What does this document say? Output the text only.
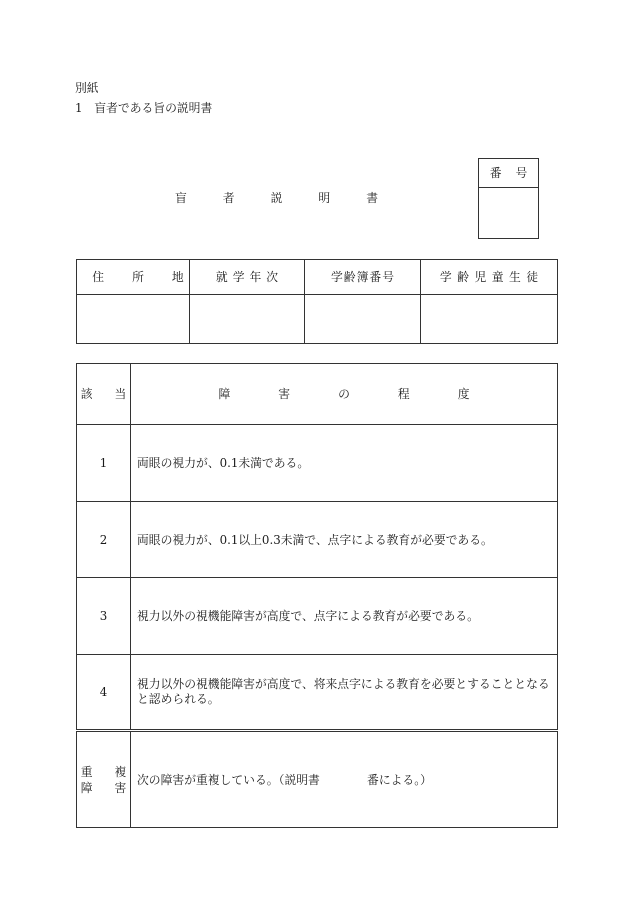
別紙
1　盲者である旨の説明書
番号
盲者説明書
住所地	就学年次	学齢簿番号	学齢児童生徒

該当	障害の程度
1	両眼の視力が、0.1未満である。
2	両眼の視力が、0.1以上0.3未満で、点字による教育が必要である。
3	視力以外の視機能障害が高度で、点字による教育が必要である。
4	視力以外の視機能障害が高度で、将来点字による教育を必要とすることとなる
と認められる。

重複
障害	次の障害が重複している。（説明書　　　　番による。）
